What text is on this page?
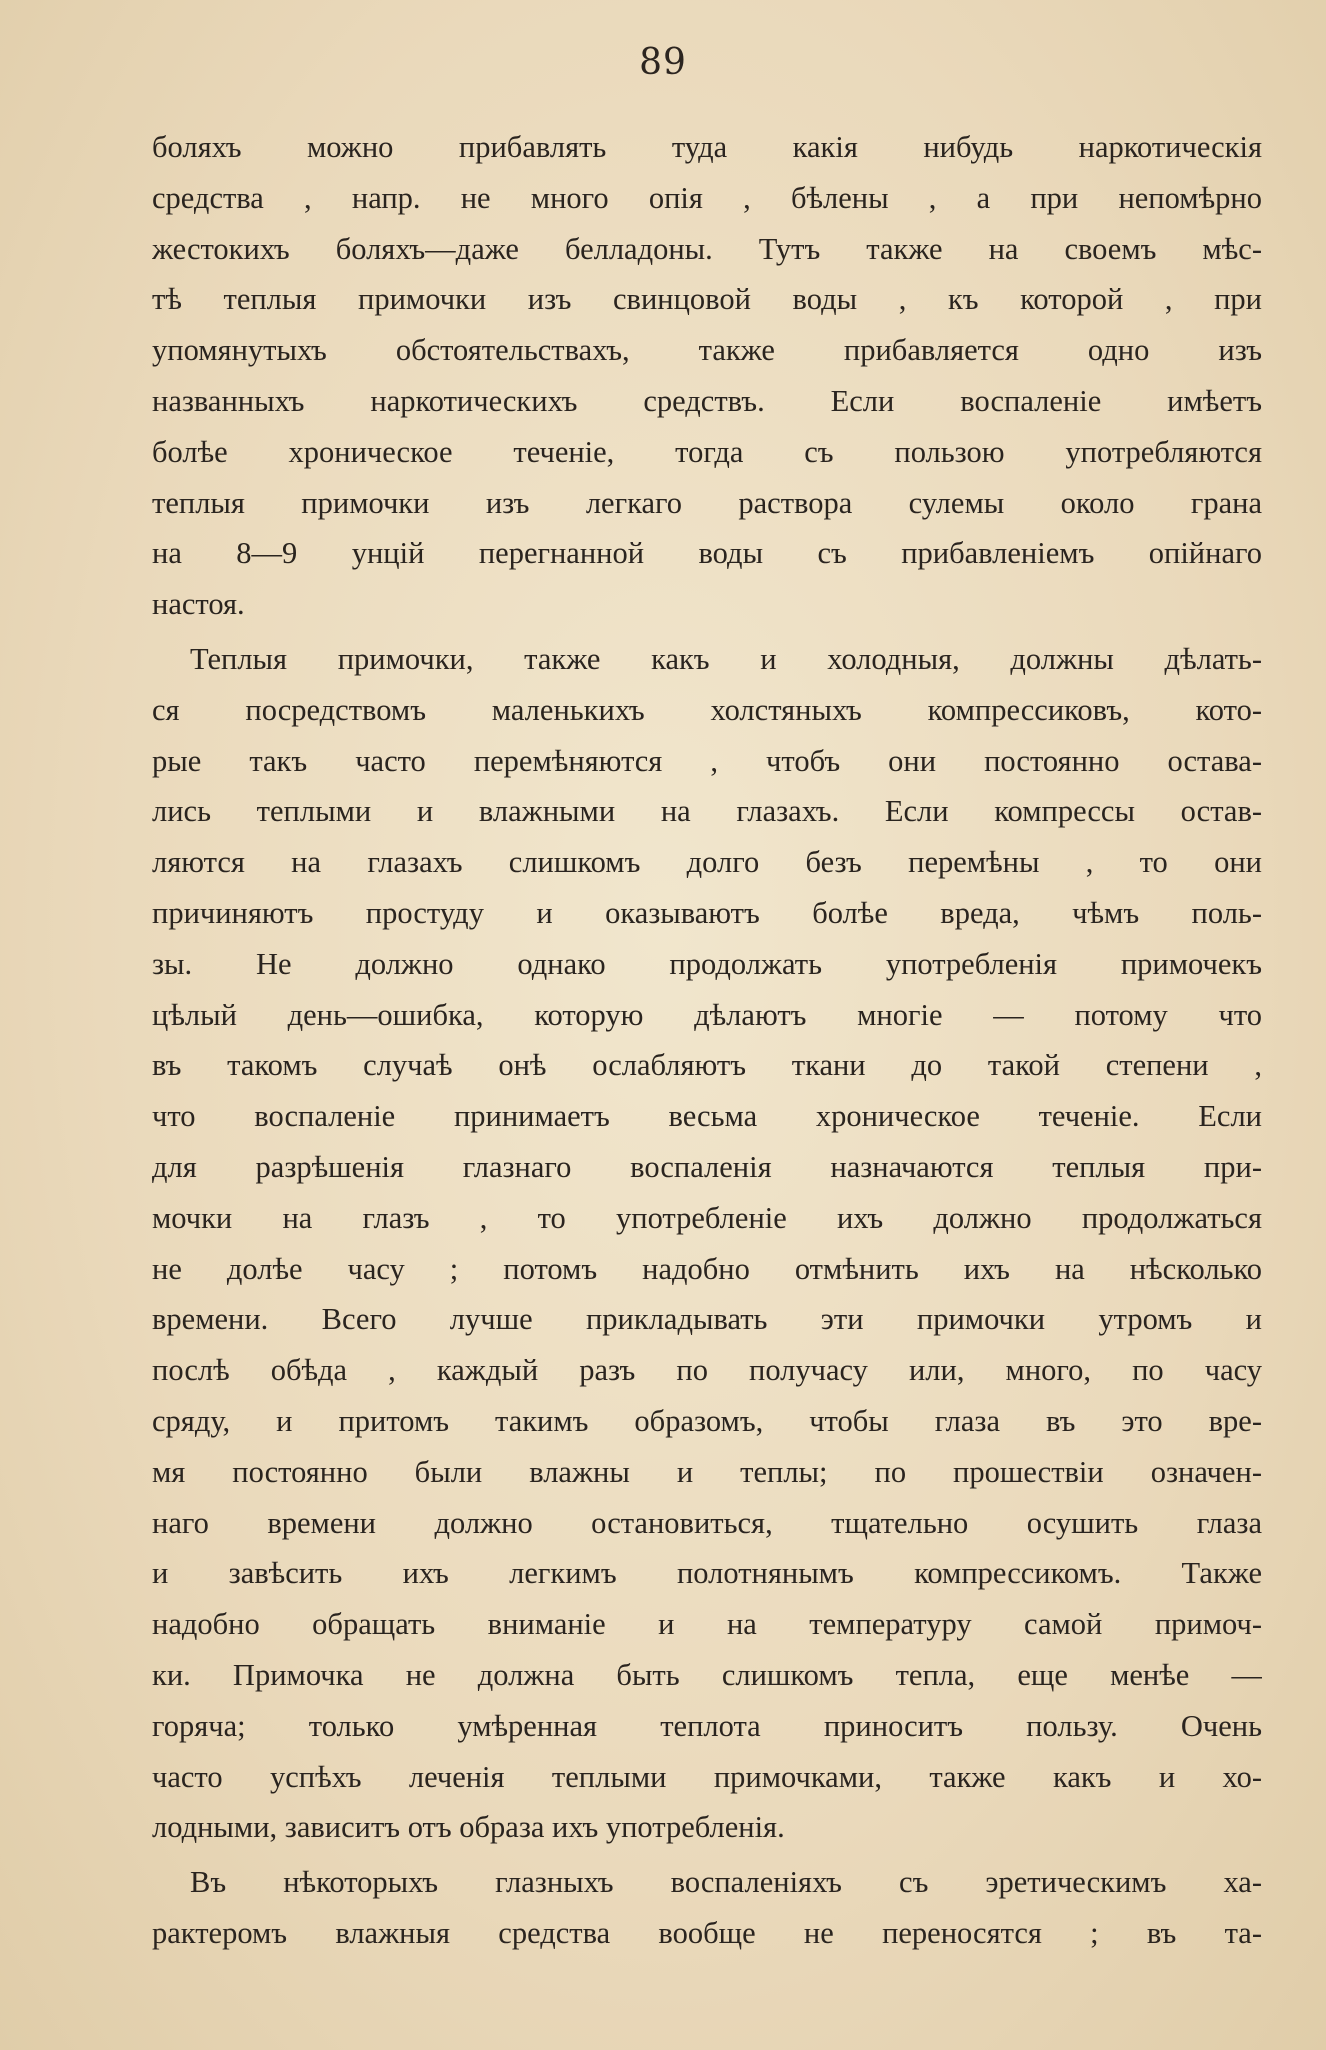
89
боляхъ можно прибавлять туда какія нибудь наркотическія
средства , напр. не много опія , бѣлены , а при непомѣрно
жестокихъ боляхъ—даже белладоны. Тутъ также на своемъ мѣс-
тѣ теплыя примочки изъ свинцовой воды , къ которой , при
упомянутыхъ обстоятельствахъ, также прибавляется одно изъ
названныхъ наркотическихъ средствъ. Если воспаленіе имѣетъ
болѣе хроническое теченіе, тогда съ пользою употребляются
теплыя примочки изъ легкаго раствора сулемы около грана
на 8—9 унцій перегнанной воды съ прибавленіемъ опійнаго
настоя.
Теплыя примочки, также какъ и холодныя, должны дѣлать-
ся посредствомъ маленькихъ холстяныхъ компрессиковъ, кото-
рые такъ часто перемѣняются , чтобъ они постоянно остава-
лись теплыми и влажными на глазахъ. Если компрессы остав-
ляются на глазахъ слишкомъ долго безъ перемѣны , то они
причиняютъ простуду и оказываютъ болѣе вреда, чѣмъ поль-
зы. Не должно однако продолжать употребленія примочекъ
цѣлый день—ошибка, которую дѣлаютъ многіе — потому что
въ такомъ случаѣ онѣ ослабляютъ ткани до такой степени ,
что воспаленіе принимаетъ весьма хроническое теченіе. Если
для разрѣшенія глазнаго воспаленія назначаются теплыя при-
мочки на глазъ , то употребленіе ихъ должно продолжаться
не долѣе часу ; потомъ надобно отмѣнить ихъ на нѣсколько
времени. Всего лучше прикладывать эти примочки утромъ и
послѣ обѣда , каждый разъ по получасу или, много, по часу
сряду, и притомъ такимъ образомъ, чтобы глаза въ это вре-
мя постоянно были влажны и теплы; по прошествіи означен-
наго времени должно остановиться, тщательно осушить глаза
и завѣсить ихъ легкимъ полотнянымъ компрессикомъ. Также
надобно обращать вниманіе и на температуру самой примоч-
ки. Примочка не должна быть слишкомъ тепла, еще менѣе —
горяча; только умѣренная теплота приноситъ пользу. Очень
часто успѣхъ леченія теплыми примочками, также какъ и хо-
лодными, зависитъ отъ образа ихъ употребленія.
Въ нѣкоторыхъ глазныхъ воспаленіяхъ съ эретическимъ ха-
рактеромъ влажныя средства вообще не переносятся ; въ та-
